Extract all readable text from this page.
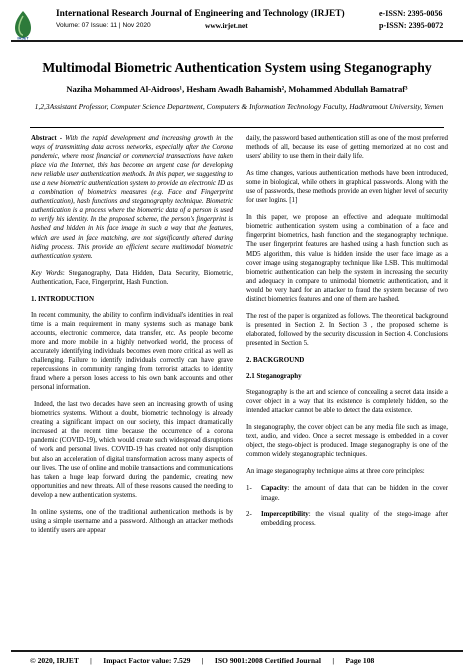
IRJET
International Research Journal of Engineering and Technology (IRJET)	e-ISSN: 2395-0056
Volume: 07 Issue: 11 | Nov 2020	www.irjet.net	p-ISSN: 2395-0072
Multimodal Biometric Authentication System using Steganography
Naziha Mohammed Al-Aidroos¹, Hesham Awadh Bahamish², Mohammed Abdullah Bamatraf³
1,2,3Assistant Professor, Computer Science Department, Computers & Information Technology Faculty, Hadhramout University, Yemen

Abstract - With the rapid development and increasing growth in the ways of transmitting data across networks, especially after the Corona pandemic, where most financial or commercial transactions have taken place via the Internet, this has become an urgent case for developing new reliable user authentication methods. In this paper, we suggesting to use a new biometric authentication system to provide an electronic ID as a combination of biometrics measures (e.g. Face and Fingerprint authentication), hash functions and steganography technique. Biometric authentication is a process where the biometric data of a person is used to verify his identity. In the proposed scheme, the person's fingerprint is hashed and hidden in his face image in such a way that the features, which are used in face matching, are not significantly altered during hiding process. This provide an efficient secure multimodal biometric authentication system.

Key Words: Steganography, Data Hidden, Data Security, Biometric, Authentication, Face, Fingerprint, Hash Function.

1. INTRODUCTION

In recent community, the ability to confirm individual's identities in real time is a main requirement in many systems such as manage bank accounts, electronic commerce, data transfer, etc. As people become more and more mobile in a highly networked world, the process of accurately identifying individuals becomes even more critical as well as challenging. Failure to identify individuals correctly can have grave repercussions in community ranging from terrorist attacks to identity fraud where a person loses access to his own bank accounts and other personal information.

Indeed, the last two decades have seen an increasing growth of using biometrics systems. Without a doubt, biometric technology is already creating a significant impact on our society, this impact dramatically increased at the recent time because the occurrence of a corona pandemic (COVID-19), which would create such widespread disruptions of work and personal lives. COVID-19 has created not only disruption but also an acceleration of digital transformation across many aspects of our lives. The use of online and mobile transactions and communications has taken a huge leap forward during the pandemic, creating new opportunities and new threats. All of these reasons caused the needing to develop a new authentication systems.

In online systems, one of the traditional authentication methods is by using a simple username and a password. Although an attacker methods to identify users are appear

daily, the password based authentication still as one of the most preferred methods of all, because its ease of getting memorized at no cost and users' ability to use them in their daily life.

As time changes, various authentication methods have been introduced, some in biological, while others in graphical passwords. Along with the use of passwords, these methods provide an even higher level of security for user logins. [1]

In this paper, we propose an effective and adequate multimodal biometric authentication system using a combination of a face and fingerprint biometrics, hash function and the steganography technique. The user fingerprint features are hashed using a hash function such as MD5 algorithm, this value is hidden inside the user face image as a cover image using steganography technique like LSB. This multimodal biometric authentication can help the system in increasing the security and adequacy in compare to unimodal biometric authentication, and it would be very hard for an attacker to fraud the system because of two distinct biometrics features and one of them are hashed.

The rest of the paper is organized as follows. The theoretical background is presented in Section 2. In Section 3 , the proposed scheme is elaborated, followed by the security discussion in Section 4. Conclusions presented in Section 5.

2. BACKGROUND
2.1 Steganography

Steganography is the art and science of concealing a secret data inside a cover object in a way that its existence is completely hidden, so the intended attacker cannot be able to detect the data existence.

In steganography, the cover object can be any media file such as image, text, audio, and video. Once a secret message is embedded in a cover object, the stego-object is produced. Image steganography is one of the common widely steganographic techniques.

An image steganography technique aims at three core principles:

1- Capacity: the amount of data that can be hidden in the cover image.
2- Imperceptibility: the visual quality of the stego-image after embedding process.
© 2020, IRJET      |      Impact Factor value: 7.529      |      ISO 9001:2008 Certified Journal      |      Page 108
